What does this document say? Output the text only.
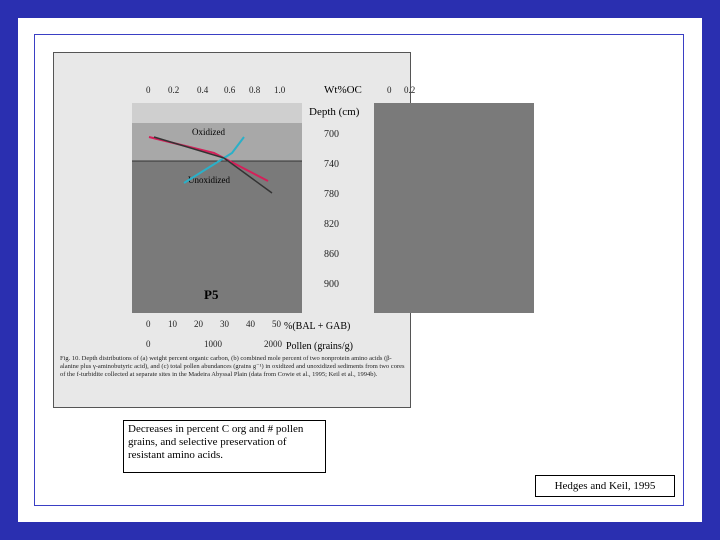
Wt%OC
0 0.2 0.4 0.6 0.8 1.0	0 0.2
Depth (cm)
Oxidized
Unoxidized
P5
700
740
780
820
860
900
0 10 20 30 40 50 %(BAL + GAB)
0	1000	2000 Pollen (grains/g)
Fig. 10. Depth distributions of (a) weight percent organic carbon, (b) combined mole percent of two nonprotein amino acids (β-alanine plus γ-aminobutyric acid), and (c) total pollen abundances (grains g⁻¹) in oxidized and unoxidized sediments from two cores of the f-turbidite collected at separate sites in the Madeira Abyssal Plain (data from Cowie et al., 1995; Keil et al., 1994b).
Decreases in percent C org and # pollen grains, and selective preservation of resistant amino acids.
Hedges and Keil, 1995
